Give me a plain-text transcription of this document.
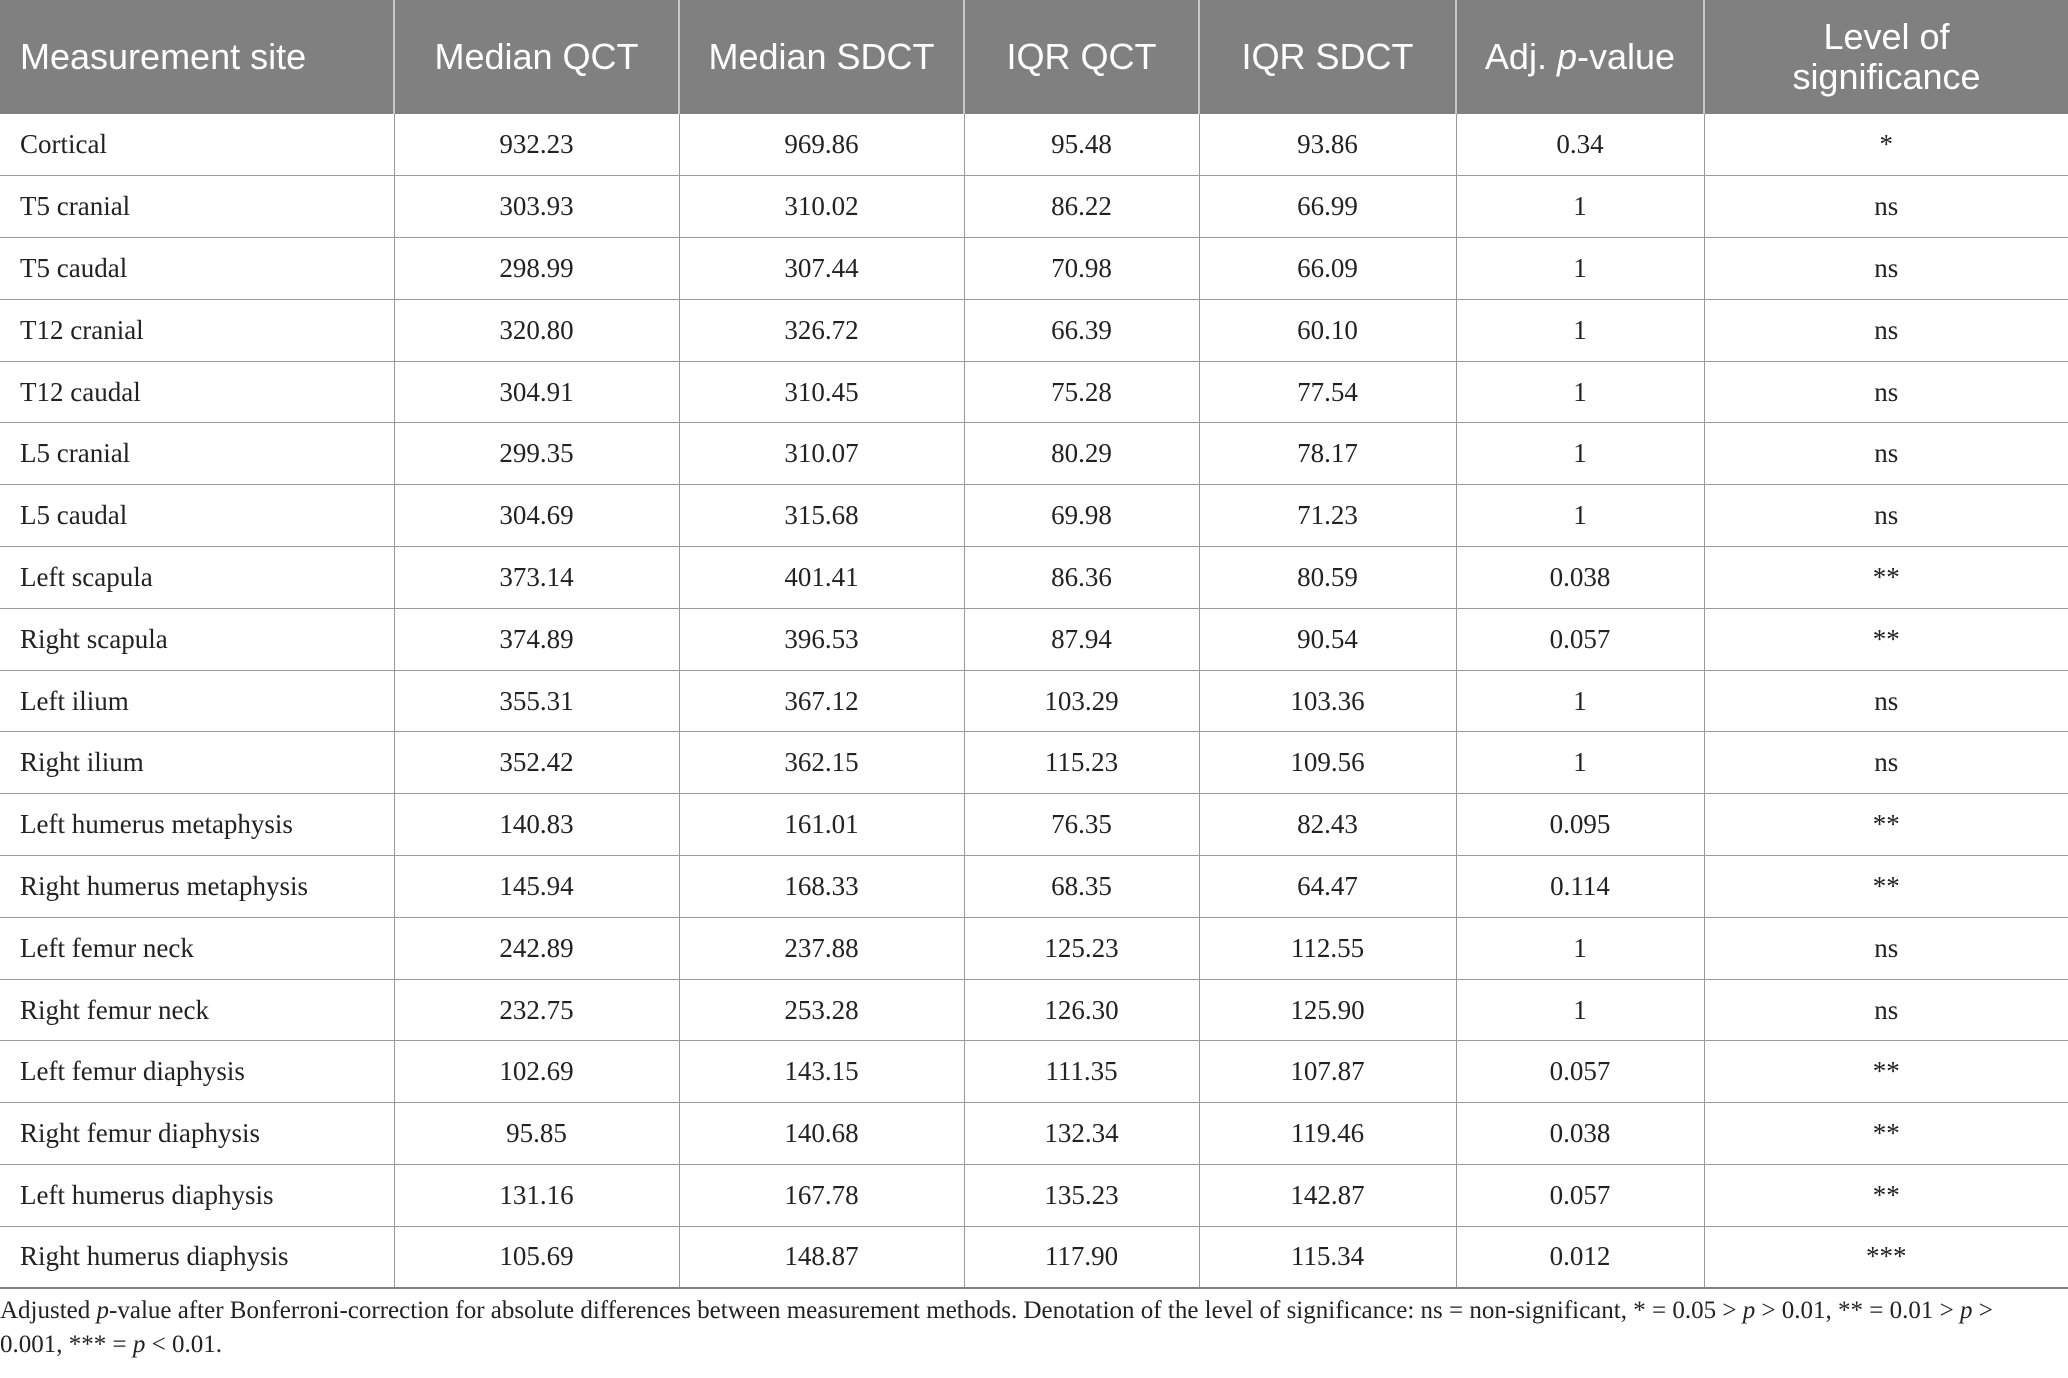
Measurement site	Median QCT	Median SDCT	IQR QCT	IQR SDCT	Adj. p-value	Level of
significance
Cortical	932.23	969.86	95.48	93.86	0.34	*
T5 cranial	303.93	310.02	86.22	66.99	1	ns
T5 caudal	298.99	307.44	70.98	66.09	1	ns
T12 cranial	320.80	326.72	66.39	60.10	1	ns
T12 caudal	304.91	310.45	75.28	77.54	1	ns
L5 cranial	299.35	310.07	80.29	78.17	1	ns
L5 caudal	304.69	315.68	69.98	71.23	1	ns
Left scapula	373.14	401.41	86.36	80.59	0.038	**
Right scapula	374.89	396.53	87.94	90.54	0.057	**
Left ilium	355.31	367.12	103.29	103.36	1	ns
Right ilium	352.42	362.15	115.23	109.56	1	ns
Left humerus metaphysis	140.83	161.01	76.35	82.43	0.095	**
Right humerus metaphysis	145.94	168.33	68.35	64.47	0.114	**
Left femur neck	242.89	237.88	125.23	112.55	1	ns
Right femur neck	232.75	253.28	126.30	125.90	1	ns
Left femur diaphysis	102.69	143.15	111.35	107.87	0.057	**
Right femur diaphysis	95.85	140.68	132.34	119.46	0.038	**
Left humerus diaphysis	131.16	167.78	135.23	142.87	0.057	**
Right humerus diaphysis	105.69	148.87	117.90	115.34	0.012	***
Adjusted p-value after Bonferroni-correction for absolute differences between measurement methods. Denotation of the level of significance: ns = non-significant, * = 0.05 > p > 0.01, ** = 0.01 > p > 0.001, *** = p < 0.01.
